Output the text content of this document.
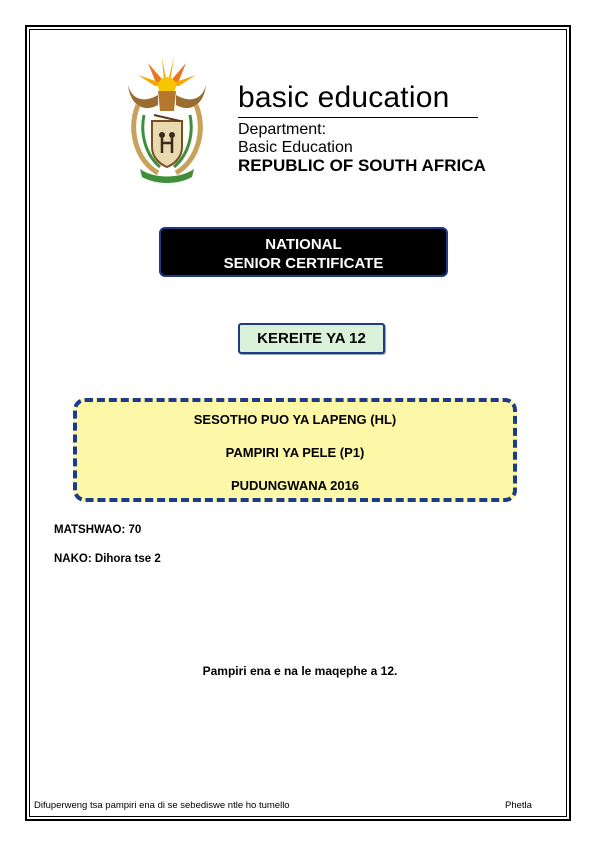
basic education
Department:
Basic Education
REPUBLIC OF SOUTH AFRICA
NATIONAL
SENIOR CERTIFICATE
KEREITE YA 12
SESOTHO PUO YA LAPENG (HL)
PAMPIRI YA PELE (P1)
PUDUNGWANA 2016
MATSHWAO: 70
NAKO: Dihora tse 2
Pampiri ena e na le maqephe a 12.
Difuperweng tsa pampiri ena di se sebediswe ntle ho tumello	Phetla
